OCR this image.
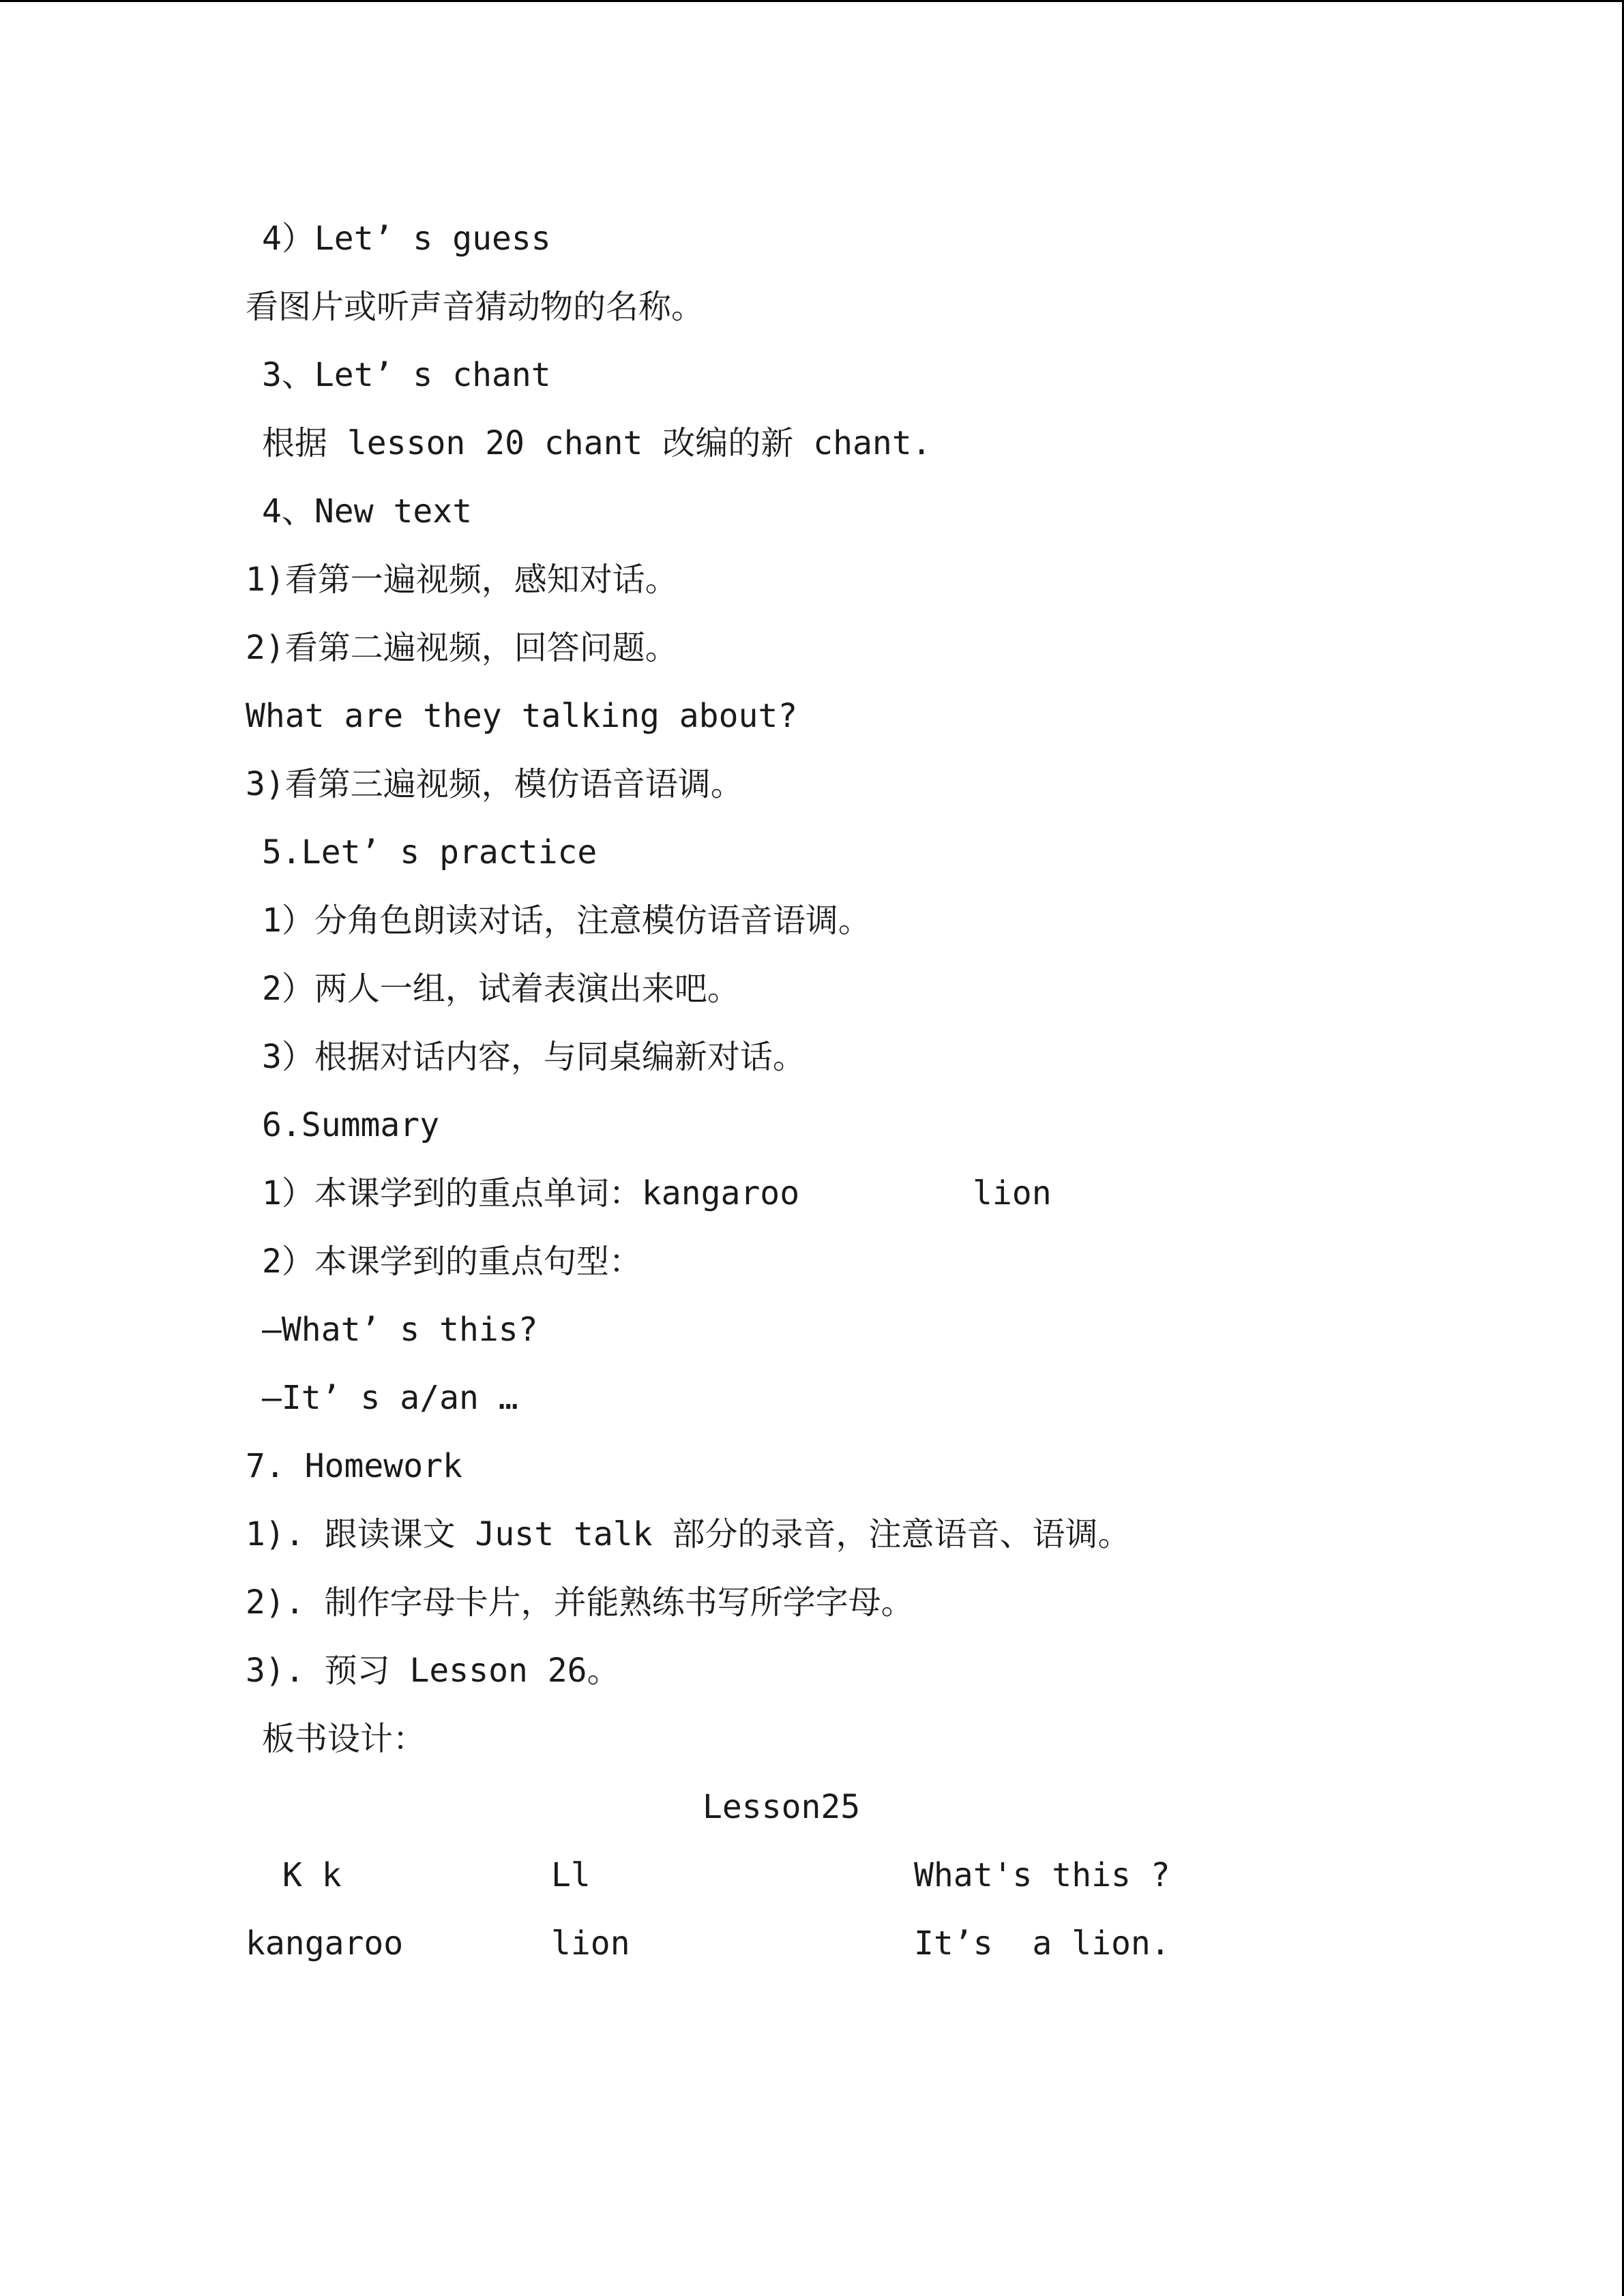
4）Let’ s guess
看图片或听声音猜动物的名称。
3、Let’ s chant
根据 lesson 20 chant 改编的新 chant.
4、New text
1)看第一遍视频，感知对话。
2)看第二遍视频，回答问题。
What are they talking about?
3)看第三遍视频，模仿语音语调。
5.Let’ s practice
1）分角色朗读对话，注意模仿语音语调。
2）两人一组，试着表演出来吧。
3）根据对话内容，与同桌编新对话。
6.Summary
1）本课学到的重点单词：kangaroo	lion
2）本课学到的重点句型：
—What’ s this?
—It’ s a/an …
7. Homework
1). 跟读课文 Just talk 部分的录音，注意语音、语调。
2). 制作字母卡片，并能熟练书写所学字母。
3). 预习 Lesson 26。
板书设计：
Lesson25
K k	Ll	What's this ?
kangaroo	lion	It’s  a lion.
